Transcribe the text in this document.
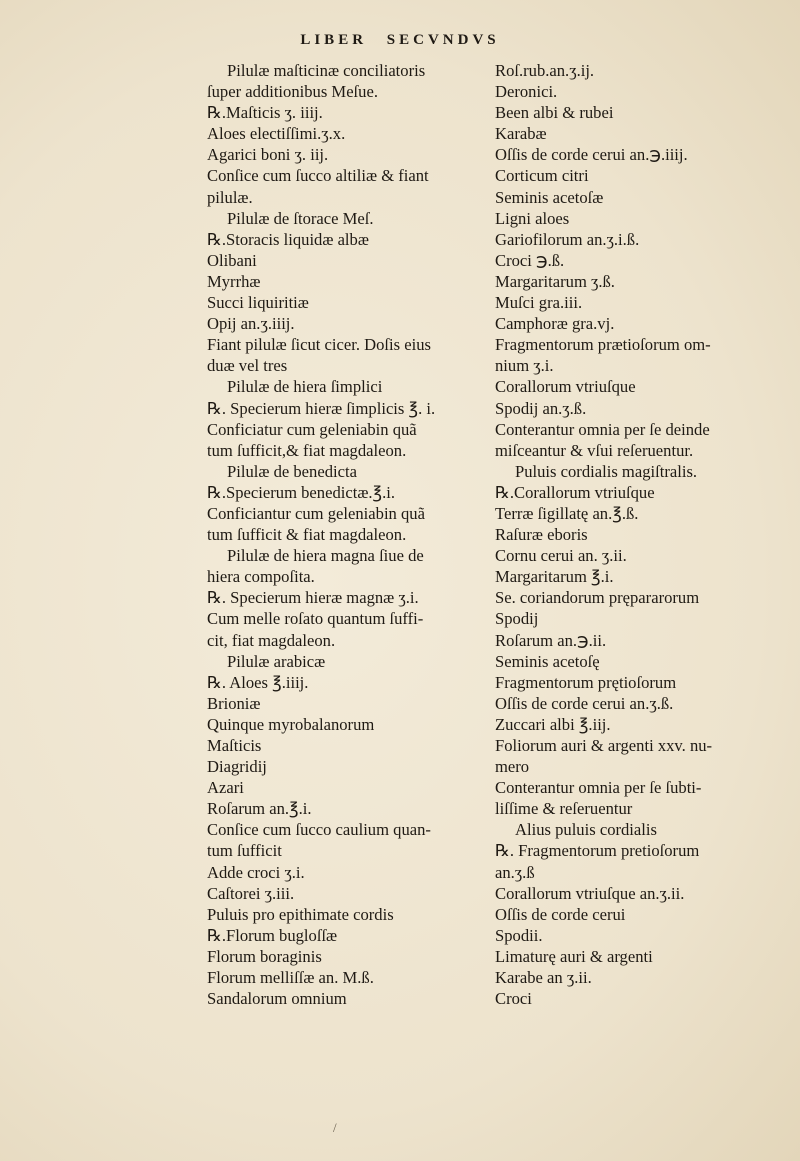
LIBER SECVNDVS
Pilulæ maſticinæ conciliatoris
ſuper additionibus Meſue.
℞.Maſticis ʒ. iiij.
Aloes electiſſimi.ʒ.x.
Agarici boni ʒ. iij.
Conſice cum ſucco altiliæ & fiant
pilulæ.
Pilulæ de ſtorace Meſ.
℞.Storacis liquidæ albæ
Olibani
Myrrhæ
Succi liquiritiæ
Opij an.ʒ.iiij.
Fiant pilulæ ſicut cicer. Doſis eius
duæ vel tres
Pilulæ de hiera ſimplici
℞. Specierum hieræ ſimplicis ℥. i.
Conficiatur cum geleniabin quã
tum ſufficit,& fiat magdaleon.
Pilulæ de benedicta
℞.Specierum benedictæ.℥.i.
Conficiantur cum geleniabin quã
tum ſufficit & fiat magdaleon.
Pilulæ de hiera magna ſiue de
hiera compoſita.
℞. Specierum hieræ magnæ ʒ.i.
Cum melle roſato quantum ſuffi-
cit, fiat magdaleon.
Pilulæ arabicæ
℞. Aloes ℥.iiij.
Brioniæ
Quinque myrobalanorum
Maſticis
Diagridij
Azari
Roſarum an.℥.i.
Conſice cum ſucco caulium quan-
tum ſufficit
Adde croci ʒ.i.
Caſtorei ʒ.iii.
Puluis pro epithimate cordis
℞.Florum bugloſſæ
Florum boraginis
Florum melliſſæ an. M.ß.
Sandalorum omnium
Roſ.rub.an.ʒ.ij.
Deronici.
Been albi & rubei
Karabæ
Oſſis de corde cerui an.℈.iiij.
Corticum citri
Seminis acetoſæ
Ligni aloes
Gariofilorum an.ʒ.i.ß.
Croci ℈.ß.
Margaritarum ʒ.ß.
Muſci gra.iii.
Camphoræ gra.vj.
Fragmentorum prætioſorum om-
nium ʒ.i.
Corallorum vtriuſque
Spodij an.ʒ.ß.
Conterantur omnia per ſe deinde
miſceantur & vſui reſeruentur.
Puluis cordialis magiſtralis.
℞.Corallorum vtriuſque
Terræ ſigillatę an.℥.ß.
Raſuræ eboris
Cornu cerui an. ʒ.ii.
Margaritarum ℥.i.
Se. coriandorum prępararorum
Spodij
Roſarum an.℈.ii.
Seminis acetoſę
Fragmentorum prętioſorum
Oſſis de corde cerui an.ʒ.ß.
Zuccari albi ℥.iij.
Foliorum auri & argenti xxv. nu-
mero
Conterantur omnia per ſe ſubti-
liſſime & reſeruentur
Alius puluis cordialis
℞. Fragmentorum pretioſorum
an.ʒ.ß
Corallorum vtriuſque an.ʒ.ii.
Oſſis de corde cerui
Spodii.
Limaturę auri & argenti
Karabe an ʒ.ii.
Croci
/
